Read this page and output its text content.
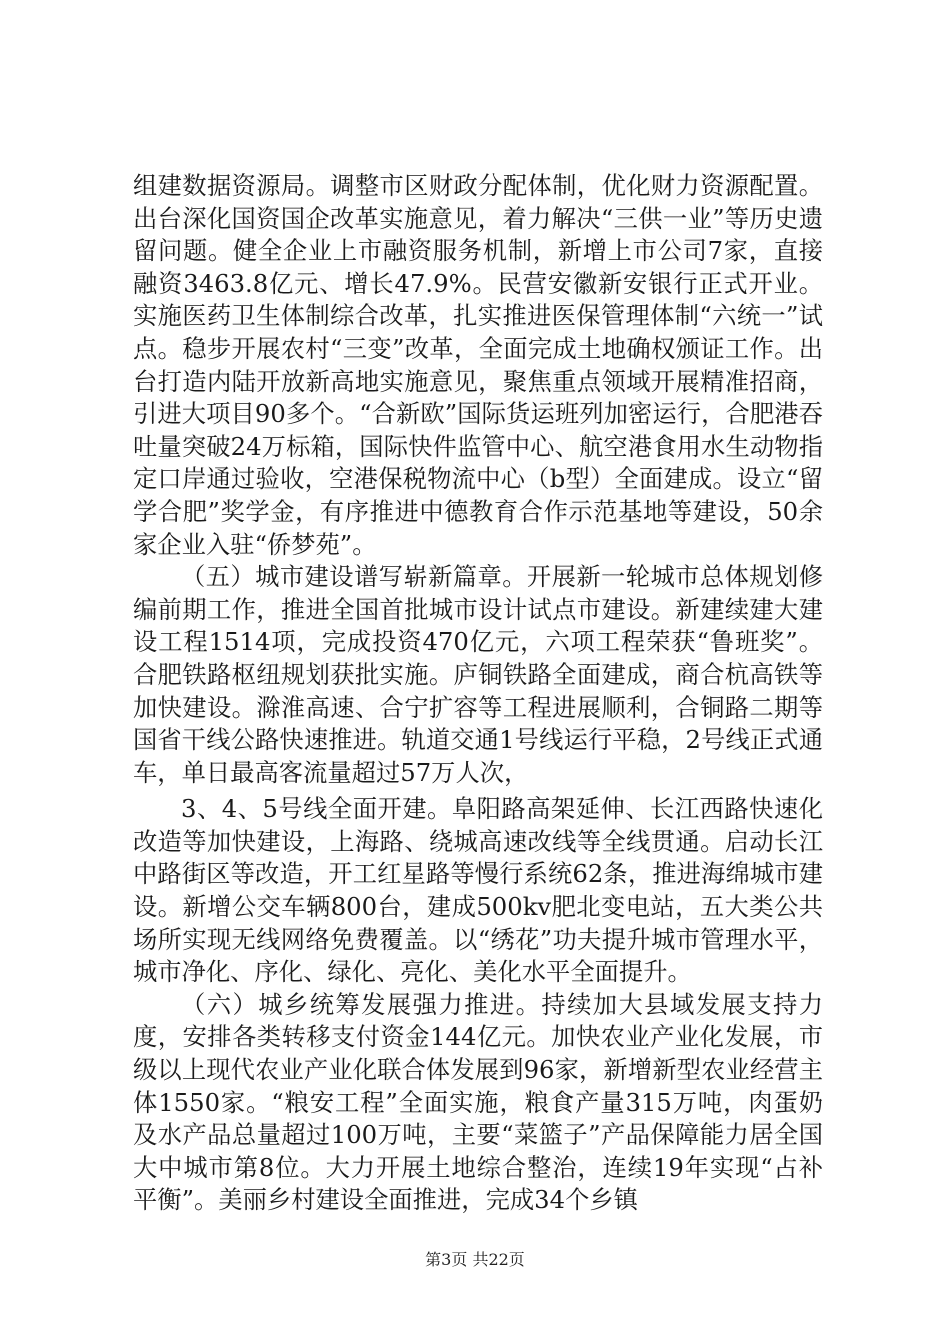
组建数据资源局。调整市区财政分配体制，优化财力资源配置。出台深化国资国企改革实施意见，着力解决“三供一业”等历史遗留问题。健全企业上市融资服务机制，新增上市公司7家，直接融资3463.8亿元、增长47.9%。民营安徽新安银行正式开业。实施医药卫生体制综合改革，扎实推进医保管理体制“六统一”试点。稳步开展农村“三变”改革，全面完成土地确权颁证工作。出台打造内陆开放新高地实施意见，聚焦重点领域开展精准招商，引进大项目90多个。“合新欧”国际货运班列加密运行，合肥港吞吐量突破24万标箱，国际快件监管中心、航空港食用水生动物指定口岸通过验收，空港保税物流中心（b型）全面建成。设立“留学合肥”奖学金，有序推进中德教育合作示范基地等建设，50余家企业入驻“侨梦苑”。

（五）城市建设谱写崭新篇章。开展新一轮城市总体规划修编前期工作，推进全国首批城市设计试点市建设。新建续建大建设工程1514项，完成投资470亿元，六项工程荣获“鲁班奖”。合肥铁路枢纽规划获批实施。庐铜铁路全面建成，商合杭高铁等加快建设。滁淮高速、合宁扩容等工程进展顺利，合铜路二期等国省干线公路快速推进。轨道交通1号线运行平稳，2号线正式通车，单日最高客流量超过57万人次，

3、4、5号线全面开建。阜阳路高架延伸、长江西路快速化改造等加快建设，上海路、绕城高速改线等全线贯通。启动长江中路街区等改造，开工红星路等慢行系统62条，推进海绵城市建设。新增公交车辆800台，建成500kv肥北变电站，五大类公共场所实现无线网络免费覆盖。以“绣花”功夫提升城市管理水平，城市净化、序化、绿化、亮化、美化水平全面提升。

（六）城乡统筹发展强力推进。持续加大县域发展支持力度，安排各类转移支付资金144亿元。加快农业产业化发展，市级以上现代农业产业化联合体发展到96家，新增新型农业经营主体1550家。“粮安工程”全面实施，粮食产量315万吨，肉蛋奶及水产品总量超过100万吨，主要“菜篮子”产品保障能力居全国大中城市第8位。大力开展土地综合整治，连续19年实现“占补平衡”。美丽乡村建设全面推进，完成34个乡镇

第3页 共22页
